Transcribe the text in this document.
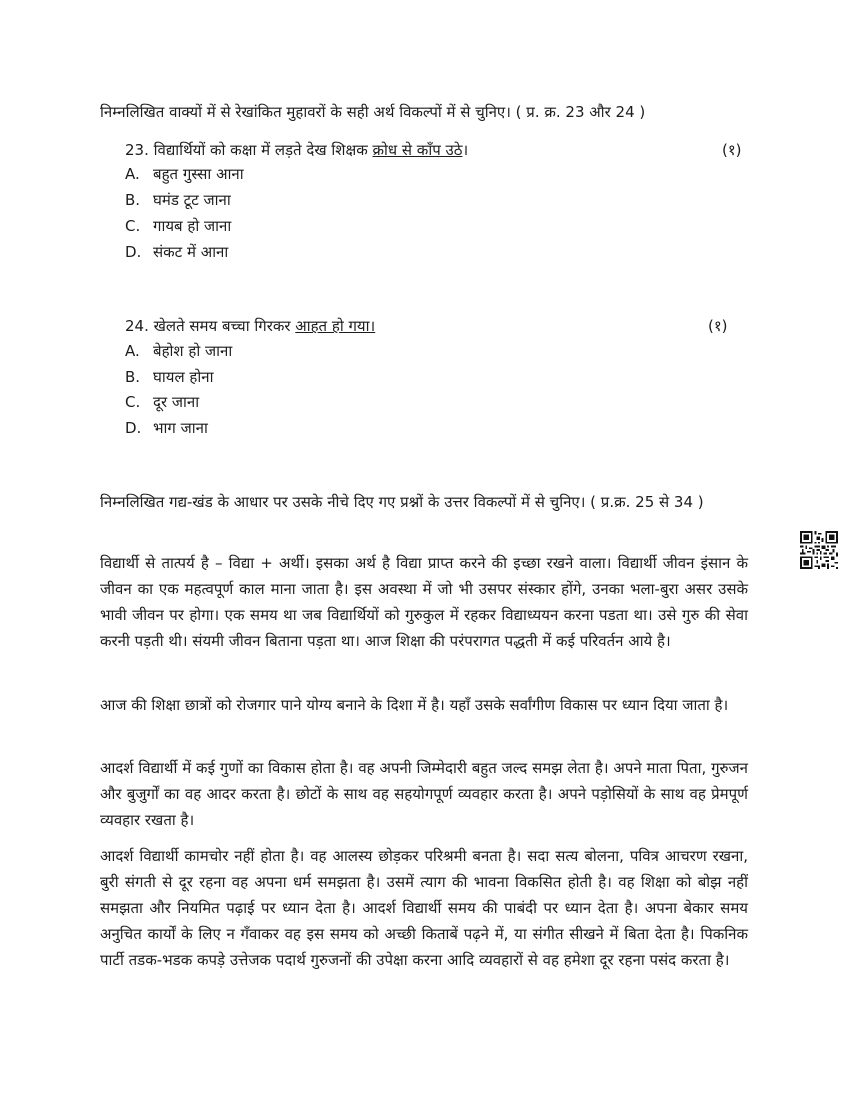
निम्नलिखित वाक्यों में से रेखांकित मुहावरों के सही अर्थ विकल्पों में से चुनिए। ( प्र. क्र. 23 और 24 )
23. विद्यार्थियों को कक्षा में लड़ते देख शिक्षक क्रोध से काँप उठे।	(१)
A. बहुत गुस्सा आना
B. घमंड टूट जाना
C. गायब हो जाना
D. संकट में आना
24. खेलते समय बच्चा गिरकर आहत हो गया।	(१)
A. बेहोश हो जाना
B. घायल होना
C. दूर जाना
D. भाग जाना
निम्नलिखित गद्य-खंड के आधार पर उसके नीचे दिए गए प्रश्नों के उत्तर विकल्पों में से चुनिए। ( प्र.क्र. 25 से 34 )
विद्यार्थी से तात्पर्य है – विद्या + अर्थी। इसका अर्थ है विद्या प्राप्त करने की इच्छा रखने वाला। विद्यार्थी जीवन इंसान के जीवन का एक महत्वपूर्ण काल माना जाता है। इस अवस्था में जो भी उसपर संस्कार होंगे, उनका भला-बुरा असर उसके भावी जीवन पर होगा। एक समय था जब विद्यार्थियों को गुरुकुल में रहकर विद्याध्ययन करना पडता था। उसे गुरु की सेवा करनी पड़ती थी। संयमी जीवन बिताना पड़ता था। आज शिक्षा की परंपरागत पद्धती में कई परिवर्तन आये है।
आज की शिक्षा छात्रों को रोजगार पाने योग्य बनाने के दिशा में है। यहाँ उसके सर्वांगीण विकास पर ध्यान दिया जाता है।
आदर्श विद्यार्थी में कई गुणों का विकास होता है। वह अपनी जिम्मेदारी बहुत जल्द समझ लेता है। अपने माता पिता, गुरुजन और बुजुर्गों का वह आदर करता है। छोटों के साथ वह सहयोगपूर्ण व्यवहार करता है। अपने पड़ोसियों के साथ वह प्रेमपूर्ण व्यवहार रखता है।
आदर्श विद्यार्थी कामचोर नहीं होता है। वह आलस्य छोड़कर परिश्रमी बनता है। सदा सत्य बोलना, पवित्र आचरण रखना, बुरी संगती से दूर रहना वह अपना धर्म समझता है। उसमें त्याग की भावना विकसित होती है। वह शिक्षा को बोझ नहीं समझता और नियमित पढ़ाई पर ध्यान देता है। आदर्श विद्यार्थी समय की पाबंदी पर ध्यान देता है। अपना बेकार समय अनुचित कार्यों के लिए न गँवाकर वह इस समय को अच्छी किताबें पढ़ने में, या संगीत सीखने में बिता देता है। पिकनिक पार्टी तडक-भडक कपड़े उत्तेजक पदार्थ गुरुजनों की उपेक्षा करना आदि व्यवहारों से वह हमेशा दूर रहना पसंद करता है।
